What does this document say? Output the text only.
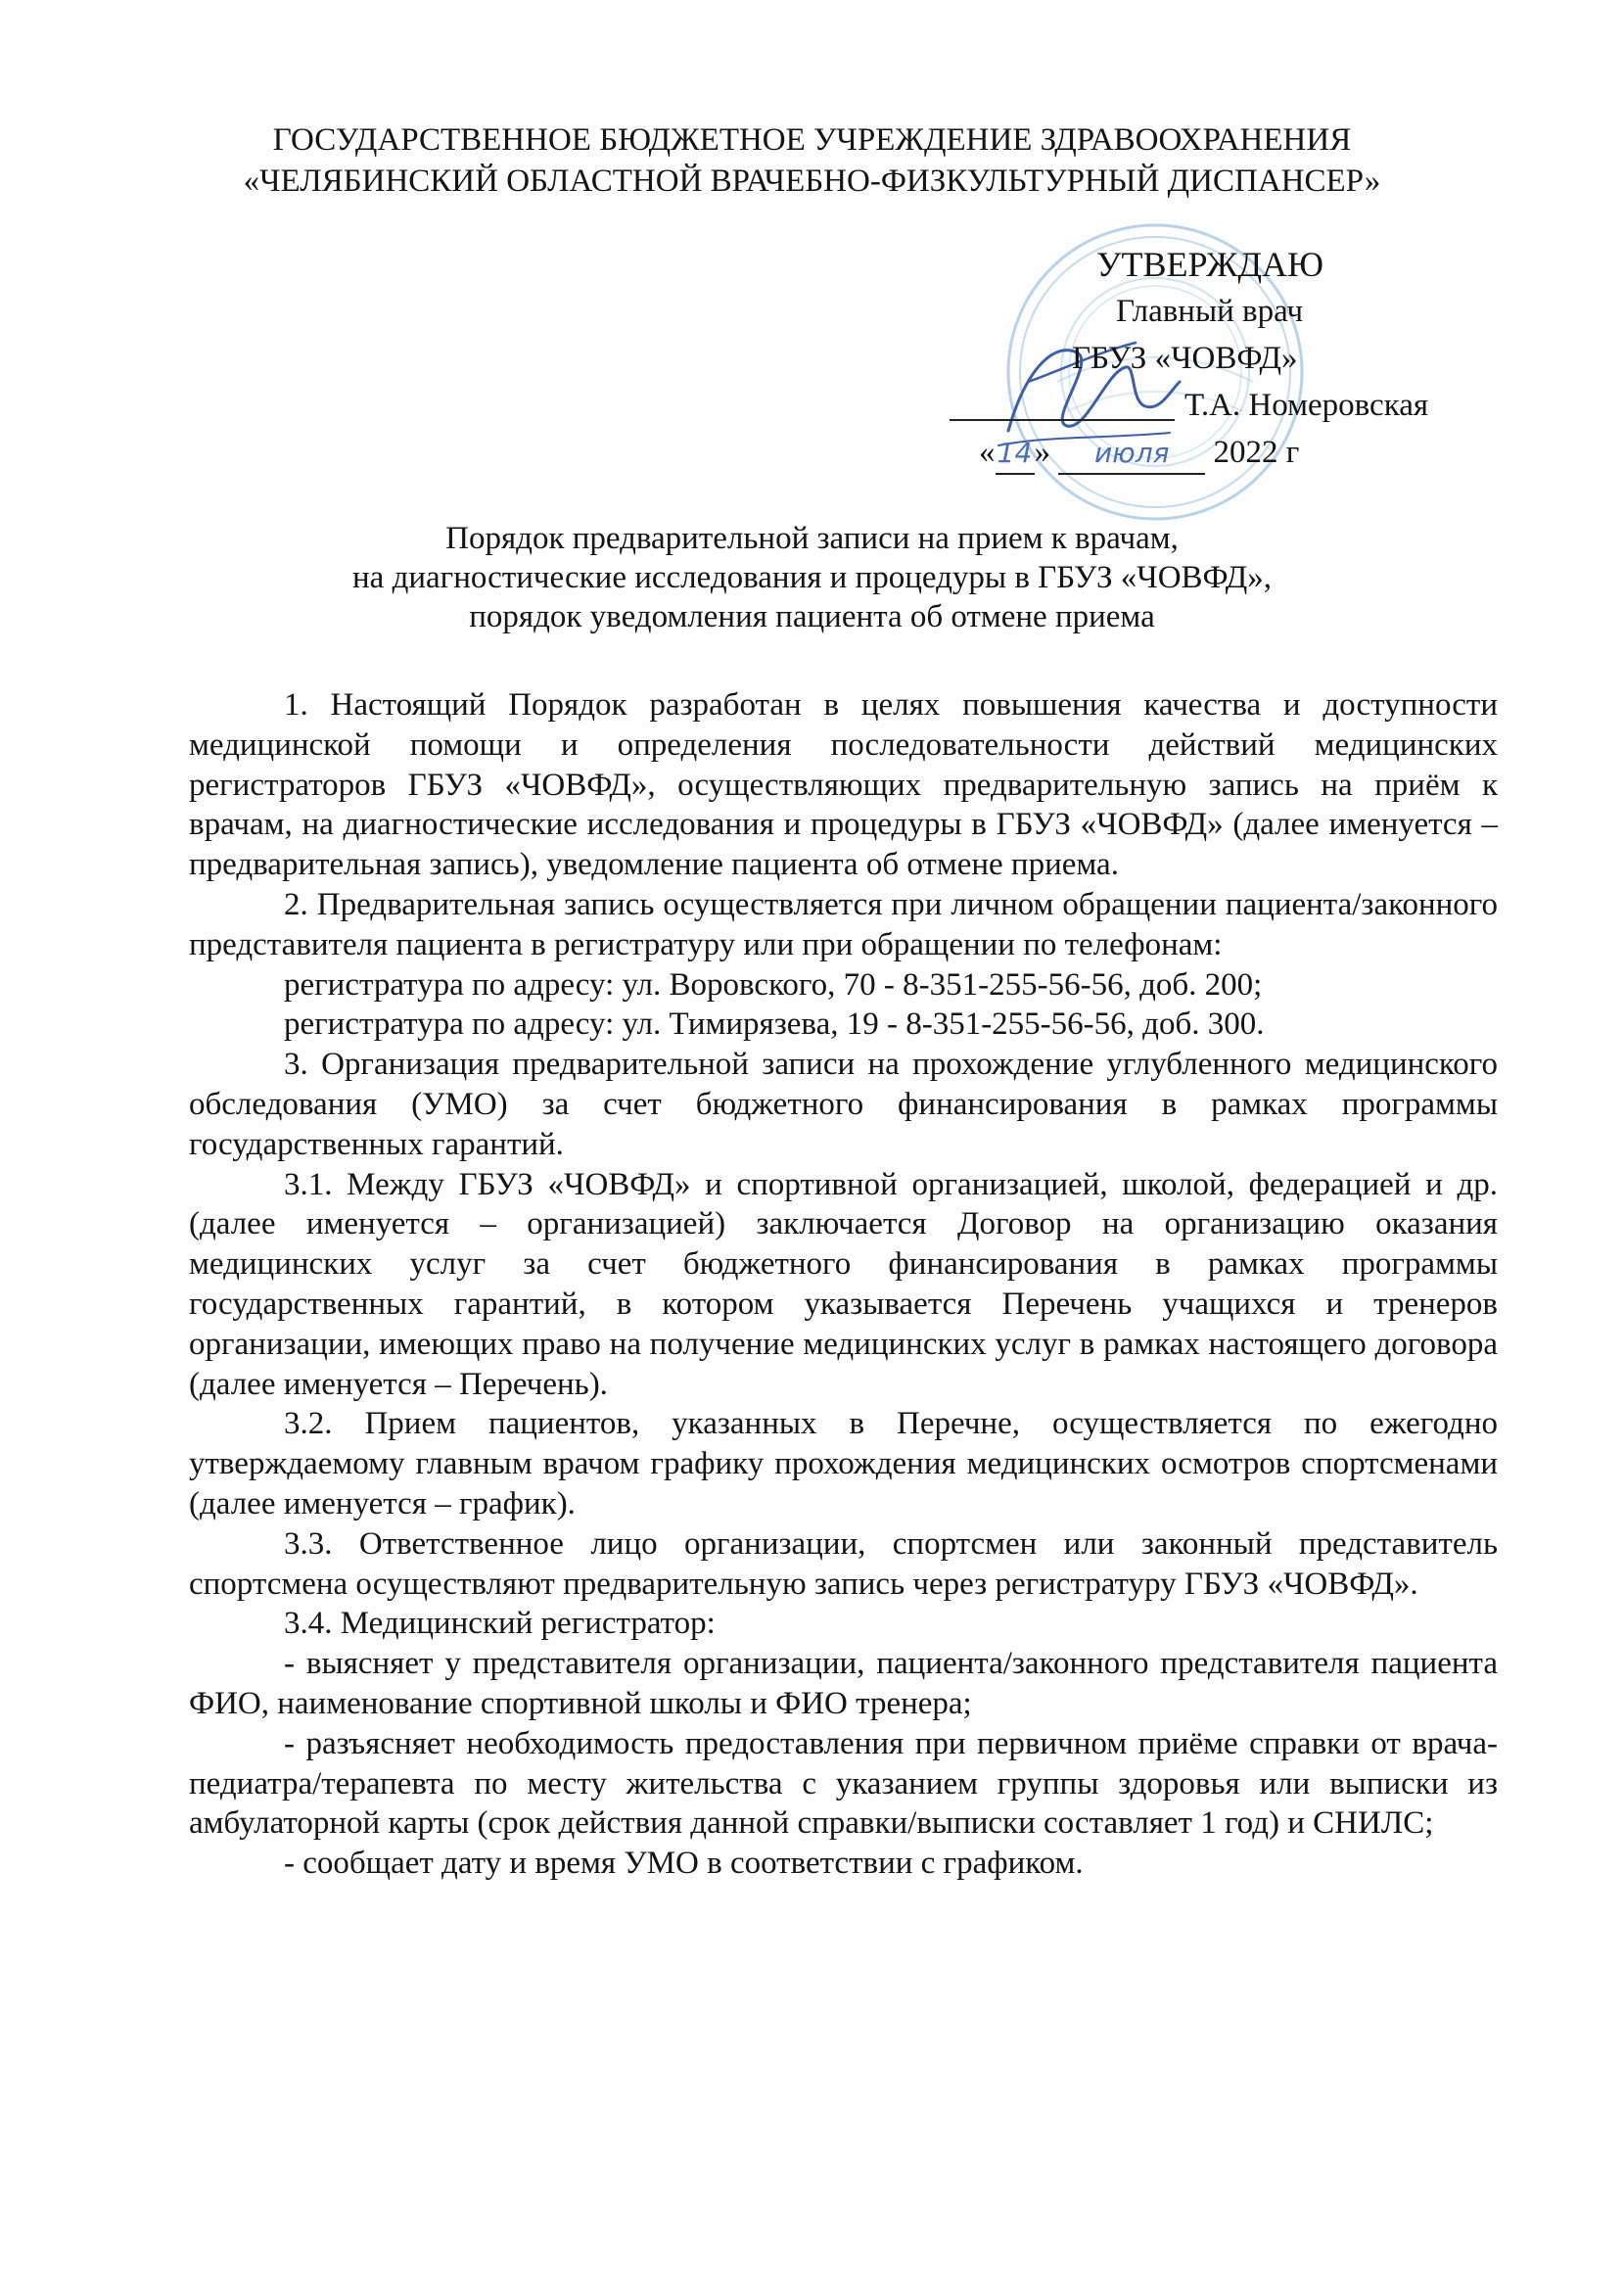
ГОСУДАРСТВЕННОЕ БЮДЖЕТНОЕ УЧРЕЖДЕНИЕ ЗДРАВООХРАНЕНИЯ
«ЧЕЛЯБИНСКИЙ ОБЛАСТНОЙ ВРАЧЕБНО-ФИЗКУЛЬТУРНЫЙ ДИСПАНСЕР»
УТВЕРЖДАЮ
Главный врач
ГБУЗ «ЧОВФД»
Т.А. Номеровская
«14» июля 2022 г
Порядок предварительной записи на прием к врачам,
на диагностические исследования и процедуры в ГБУЗ «ЧОВФД»,
порядок уведомления пациента об отмене приема

1. Настоящий Порядок разработан в целях повышения качества и доступности медицинской помощи и определения последовательности действий медицинских регистраторов ГБУЗ «ЧОВФД», осуществляющих предварительную запись на приём к врачам, на диагностические исследования и процедуры в ГБУЗ «ЧОВФД» (далее именуется – предварительная запись), уведомление пациента об отмене приема.

2. Предварительная запись осуществляется при личном обращении пациента/законного представителя пациента в регистратуру или при обращении по телефонам:

регистратура по адресу: ул. Воровского, 70 - 8-351-255-56-56, доб. 200;

регистратура по адресу: ул. Тимирязева, 19 - 8-351-255-56-56, доб. 300.

3. Организация предварительной записи на прохождение углубленного медицинского обследования (УМО) за счет бюджетного финансирования в рамках программы государственных гарантий.

3.1. Между ГБУЗ «ЧОВФД» и спортивной организацией, школой, федерацией и др. (далее именуется – организацией) заключается Договор на организацию оказания медицинских услуг за счет бюджетного финансирования в рамках программы государственных гарантий, в котором указывается Перечень учащихся и тренеров организации, имеющих право на получение медицинских услуг в рамках настоящего договора (далее именуется – Перечень).

3.2. Прием пациентов, указанных в Перечне, осуществляется по ежегодно утверждаемому главным врачом графику прохождения медицинских осмотров спортсменами (далее именуется – график).

3.3. Ответственное лицо организации, спортсмен или законный представитель спортсмена осуществляют предварительную запись через регистратуру ГБУЗ «ЧОВФД».

3.4. Медицинский регистратор:

- выясняет у представителя организации, пациента/законного представителя пациента ФИО, наименование спортивной школы и ФИО тренера;

- разъясняет необходимость предоставления при первичном приёме справки от врача-педиатра/терапевта по месту жительства с указанием группы здоровья или выписки из амбулаторной карты (срок действия данной справки/выписки составляет 1 год) и СНИЛС;

- сообщает дату и время УМО в соответствии с графиком.
